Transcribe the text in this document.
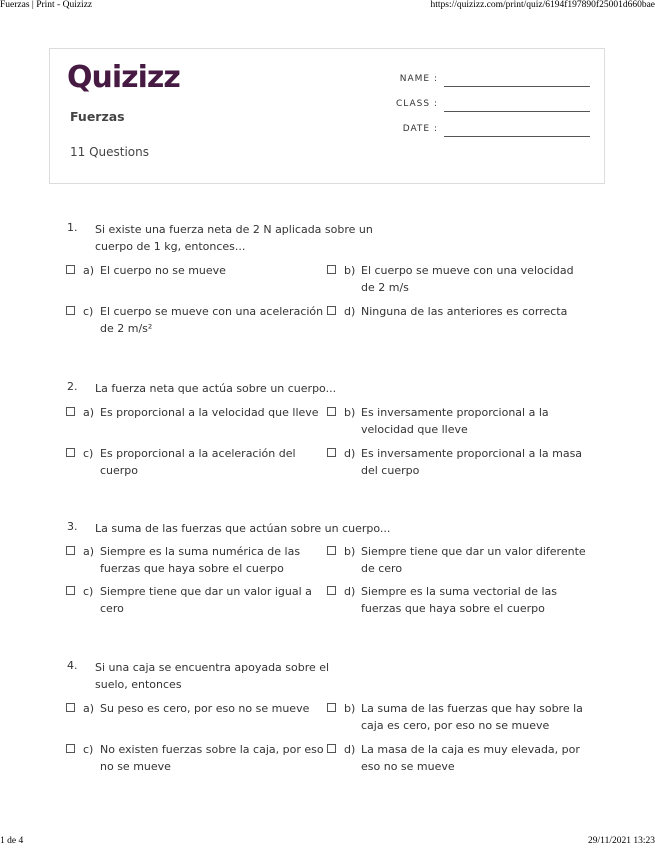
Fuerzas | Print - Quizizz	https://quizizz.com/print/quiz/6194f197890f25001d660bae
Quizizz
Fuerzas
11 Questions
NAME :
CLASS :
DATE :
1. Si existe una fuerza neta de 2 N aplicada sobre un cuerpo de 1 kg, entonces...
a) El cuerpo no se mueve	b) El cuerpo se mueve con una velocidad de 2 m/s
c) El cuerpo se mueve con una aceleración de 2 m/s²
d) Ninguna de las anteriores es correcta
2. La fuerza neta que actúa sobre un cuerpo...
a) Es proporcional a la velocidad que lleve	b) Es inversamente proporcional a la velocidad que lleve
c) Es proporcional a la aceleración del cuerpo
d) Es inversamente proporcional a la masa del cuerpo
3. La suma de las fuerzas que actúan sobre un cuerpo...
a) Siempre es la suma numérica de las fuerzas que haya sobre el cuerpo
b) Siempre tiene que dar un valor diferente de cero
c) Siempre tiene que dar un valor igual a cero
d) Siempre es la suma vectorial de las fuerzas que haya sobre el cuerpo
4. Si una caja se encuentra apoyada sobre el suelo, entonces
a) Su peso es cero, por eso no se mueve	b) La suma de las fuerzas que hay sobre la caja es cero, por eso no se mueve
c) No existen fuerzas sobre la caja, por eso no se mueve
d) La masa de la caja es muy elevada, por eso no se mueve
1 de 4	29/11/2021 13:23
